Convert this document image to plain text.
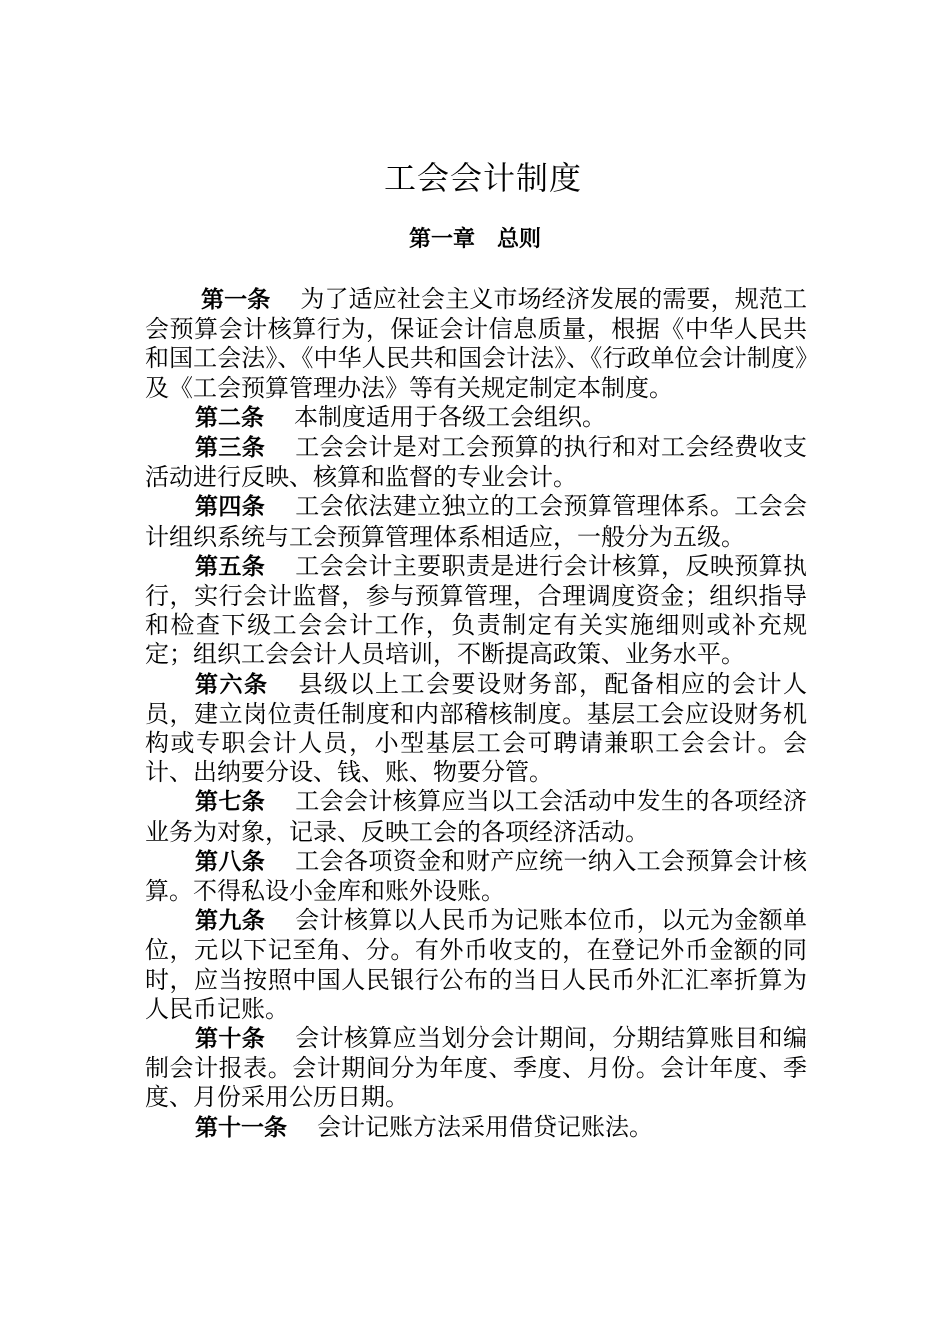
工会会计制度
第一章　总则

第一条 为了适应社会主义市场经济发展的需要，规范工会预算会计核算行为，保证会计信息质量，根据《中华人民共和国工会法》、《中华人民共和国会计法》、《行政单位会计制度》及《工会预算管理办法》等有关规定制定本制度。

第二条 本制度适用于各级工会组织。

第三条 工会会计是对工会预算的执行和对工会经费收支活动进行反映、核算和监督的专业会计。

第四条 工会依法建立独立的工会预算管理体系。工会会计组织系统与工会预算管理体系相适应，一般分为五级。

第五条 工会会计主要职责是进行会计核算，反映预算执行，实行会计监督，参与预算管理，合理调度资金；组织指导和检查下级工会会计工作，负责制定有关实施细则或补充规定；组织工会会计人员培训，不断提高政策、业务水平。

第六条 县级以上工会要设财务部，配备相应的会计人员，建立岗位责任制度和内部稽核制度。基层工会应设财务机构或专职会计人员，小型基层工会可聘请兼职工会会计。会计、出纳要分设、钱、账、物要分管。

第七条 工会会计核算应当以工会活动中发生的各项经济业务为对象，记录、反映工会的各项经济活动。

第八条 工会各项资金和财产应统一纳入工会预算会计核算。不得私设小金库和账外设账。

第九条 会计核算以人民币为记账本位币，以元为金额单位，元以下记至角、分。有外币收支的，在登记外币金额的同时，应当按照中国人民银行公布的当日人民币外汇汇率折算为人民币记账。

第十条 会计核算应当划分会计期间，分期结算账目和编制会计报表。会计期间分为年度、季度、月份。会计年度、季度、月份采用公历日期。

第十一条 会计记账方法采用借贷记账法。
